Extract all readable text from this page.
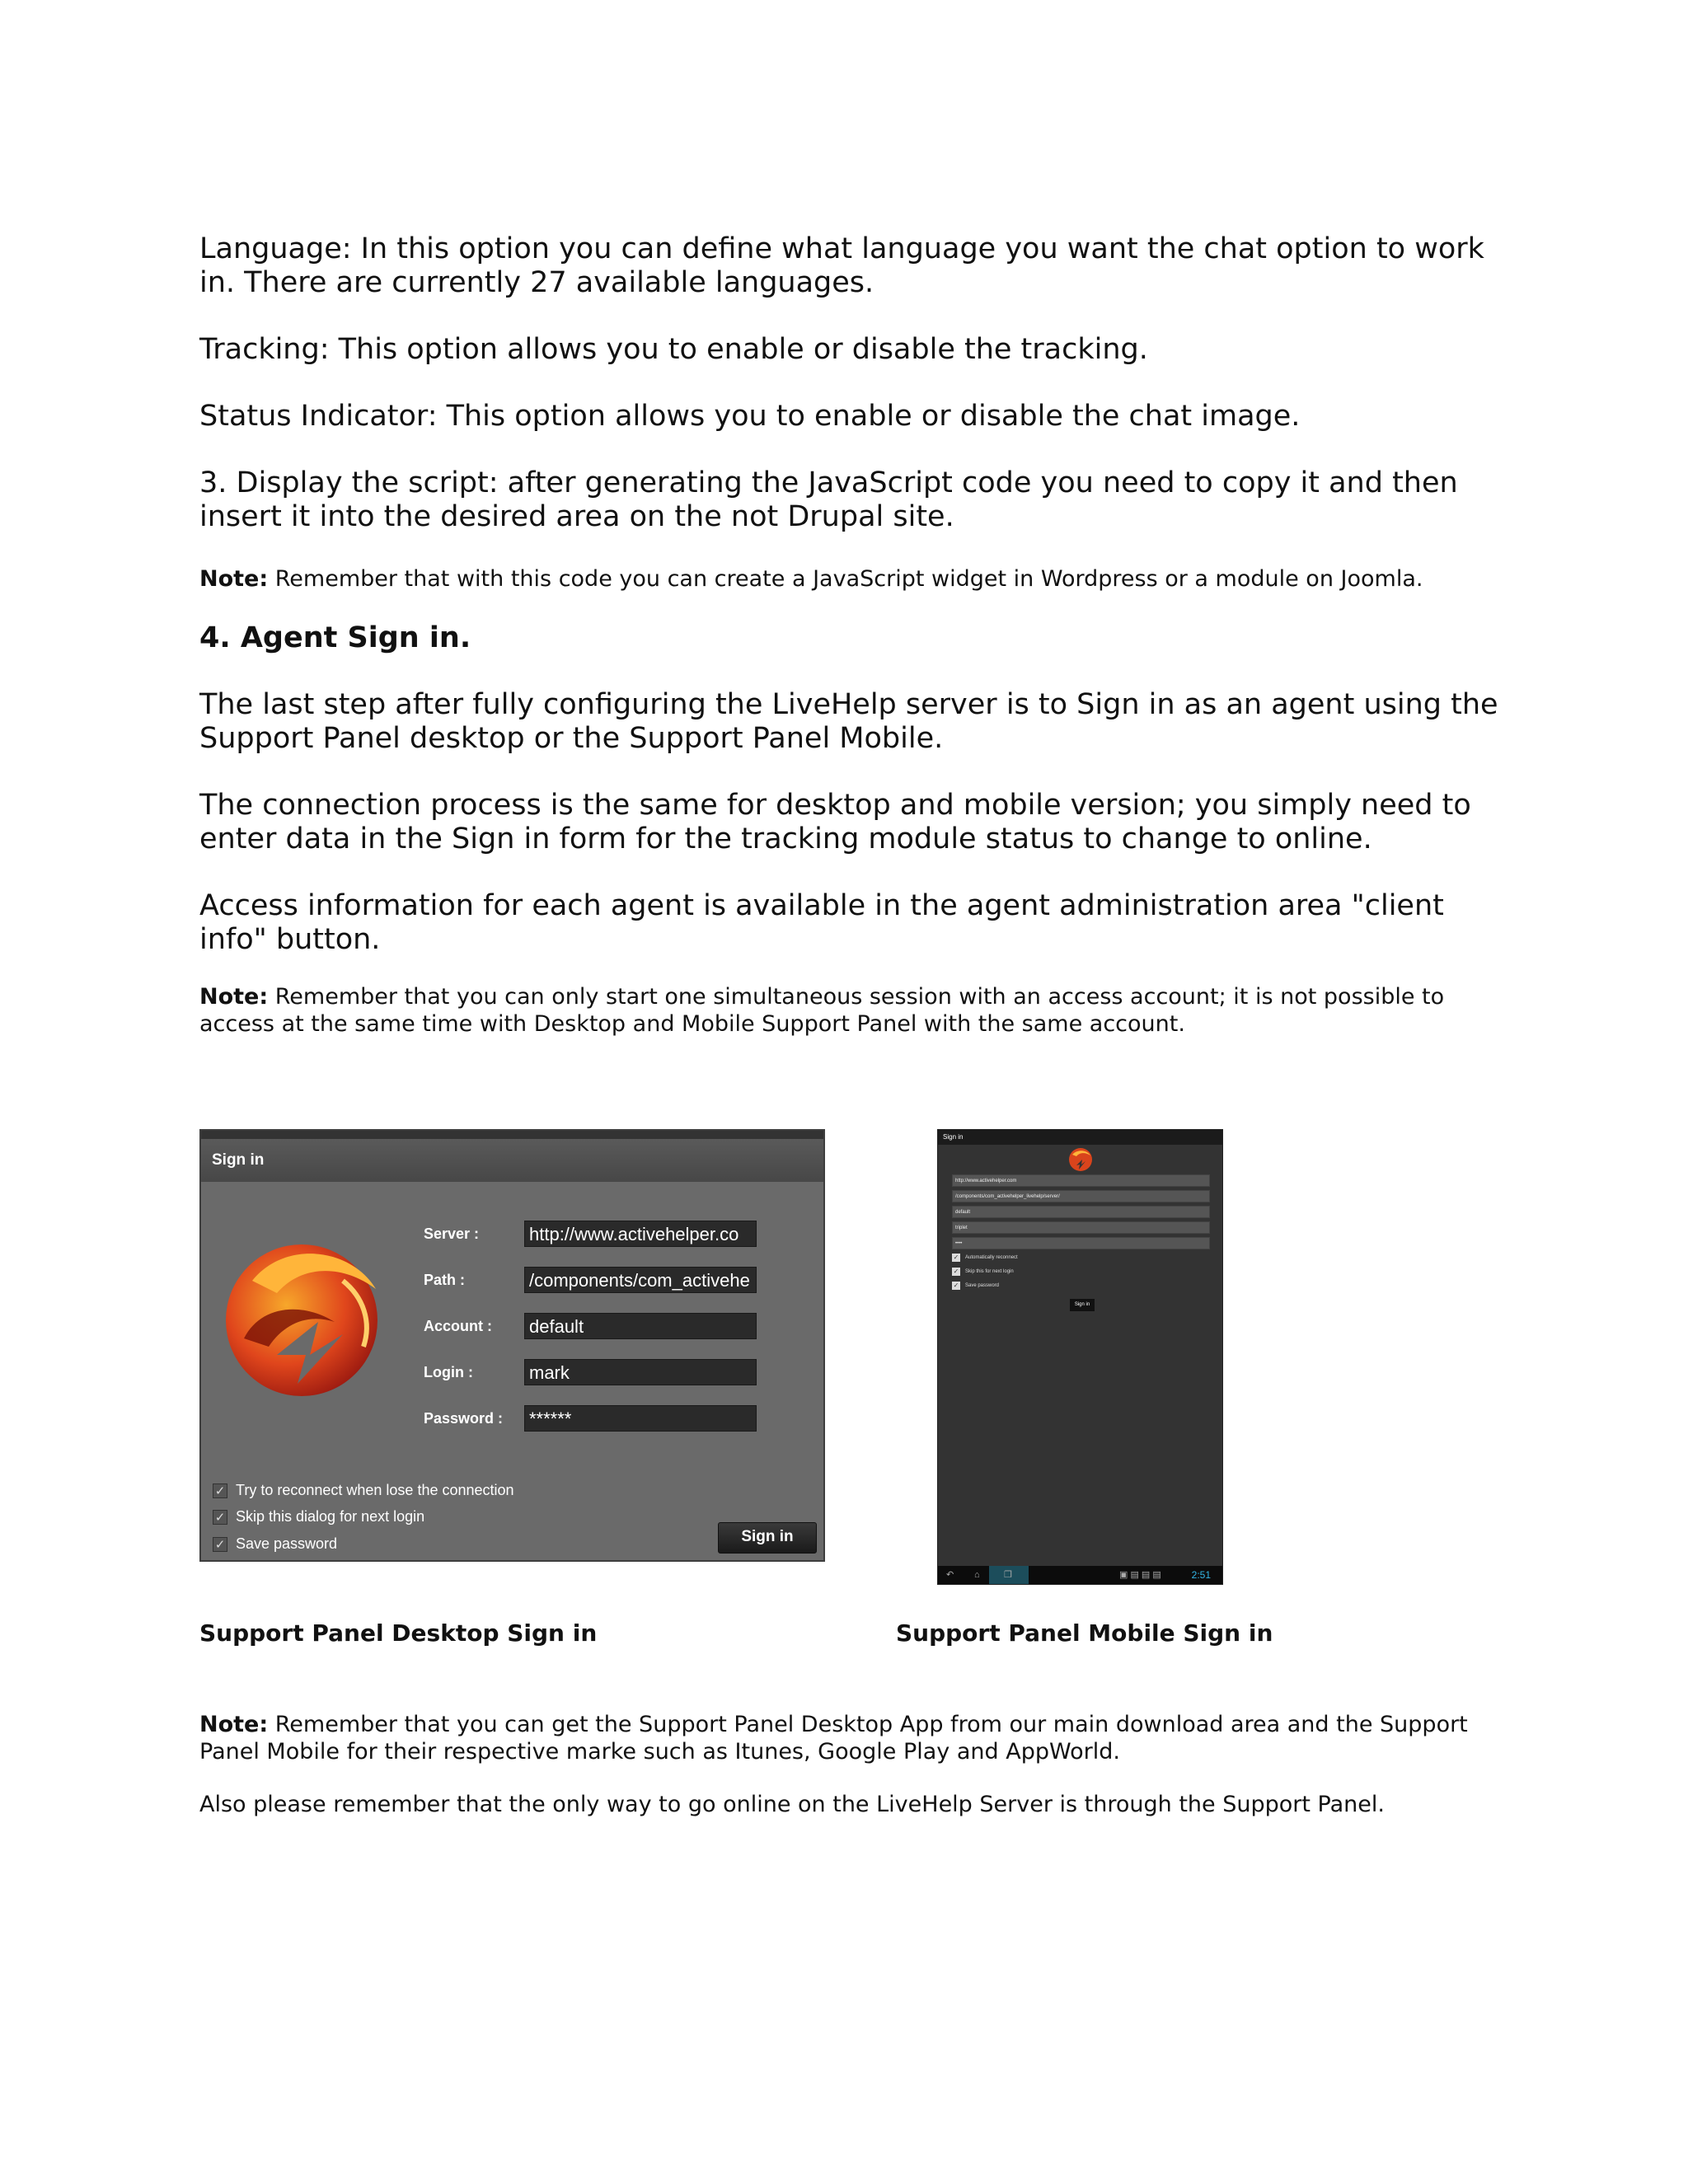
Language: In this option you can define what language you want the chat option to work in. There are currently 27 available languages.

Tracking: This option allows you to enable or disable the tracking.

Status Indicator: This option allows you to enable or disable the chat image.

3. Display the script: after generating the JavaScript code you need to copy it and then insert it into the desired area on the not Drupal site.

Note: Remember that with this code you can create a JavaScript widget in Wordpress or a module on Joomla.

4. Agent Sign in.

The last step after fully configuring the LiveHelp server is to Sign in as an agent using the Support Panel desktop or the Support Panel Mobile.

The connection process is the same for desktop and mobile version; you simply need to enter data in the Sign in form for the tracking module status to change to online.

Access information for each agent is available in the agent administration area "client info" button.

Note: Remember that you can only start one simultaneous session with an access account; it is not possible to access at the same time with Desktop and Mobile Support Panel with the same account.

Sign in
Server :	http://www.activehelper.co
Path :	/components/com_activehe
Account :	default
Login :	mark
Password :	******
✓ Try to reconnect when lose the connection
✓ Skip this dialog for next login
✓ Save password	Sign in
Sign in
http://www.activehelper.com
/components/com_activehelper_livehelp/server/
default
triplet
••••
✓ Automatically reconnect
✓ Skip this for next login
✓ Save password
Sign in
↶ ⌂	❐	▣ ▤ ▤ ▤	2:51
Support Panel Desktop Sign in	Support Panel Mobile Sign in

Note: Remember that you can get the Support Panel Desktop App from our main download area and the Support Panel Mobile for their respective marke such as Itunes, Google Play and AppWorld.

Also please remember that the only way to go online on the LiveHelp Server is through the Support Panel.
